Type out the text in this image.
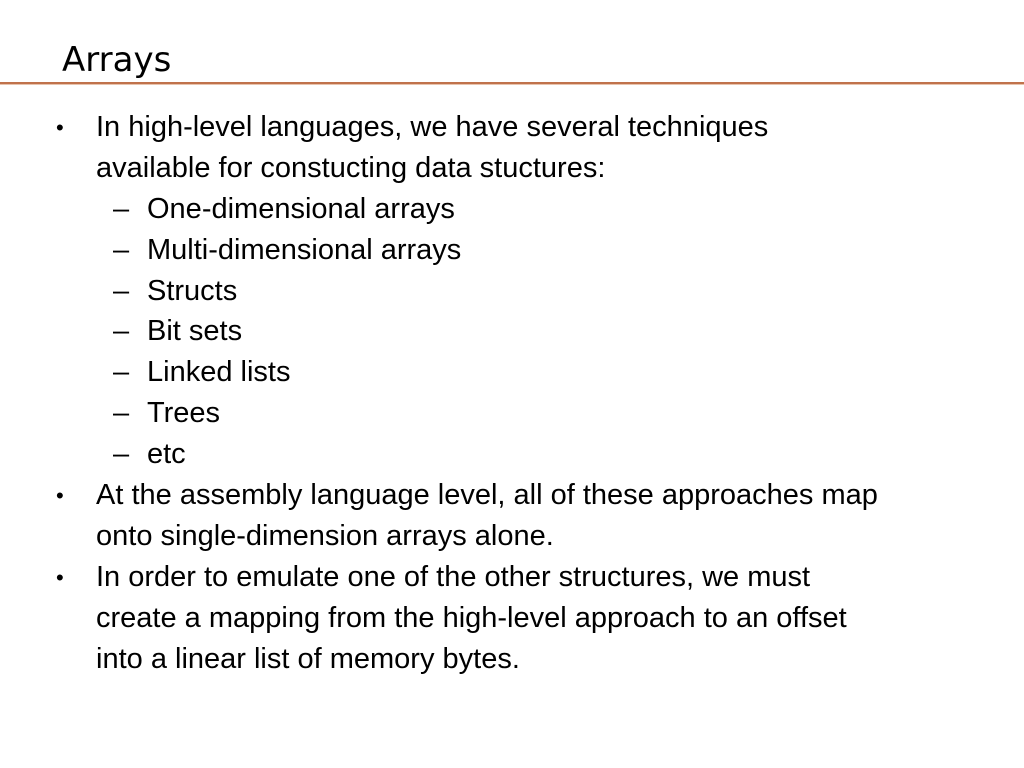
Arrays
• In high-level languages, we have several techniques
available for constucting data stuctures:
– One-dimensional arrays
– Multi-dimensional arrays
– Structs
– Bit sets
– Linked lists
– Trees
– etc
• At the assembly language level, all of these approaches map
onto single-dimension arrays alone.
• In order to emulate one of the other structures, we must
create a mapping from the high-level approach to an offset
into a linear list of memory bytes.
